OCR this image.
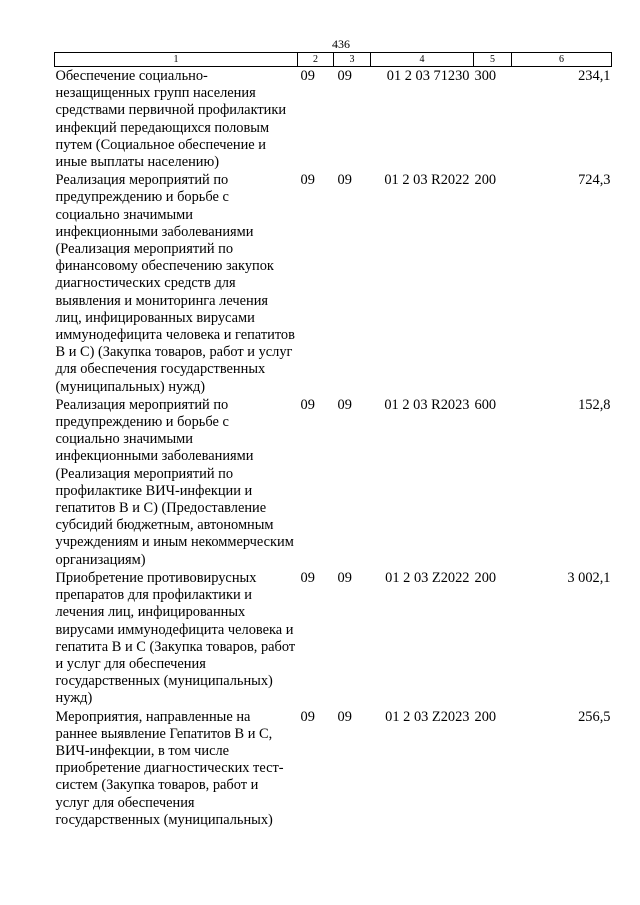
436
1	2	3	4	5	6
Обеспечение социально-незащищенных групп населения средствами первичной профилактики инфекций передающихся половым путем (Социальное обеспечение и иные выплаты населению)	09	09	01 2 03 71230	300	234,1
Реализация мероприятий по предупреждению и борьбе с социально значимыми инфекционными заболеваниями (Реализация мероприятий по финансовому обеспечению закупок диагностических средств для выявления и мониторинга лечения лиц, инфицированных вирусами иммунодефицита человека и гепатитов В и С) (Закупка товаров, работ и услуг для обеспечения государственных (муниципальных) нужд)	09	09	01 2 03 R2022	200	724,3
Реализация мероприятий по предупреждению и борьбе с социально значимыми инфекционными заболеваниями (Реализация мероприятий по профилактике ВИЧ-инфекции и гепатитов В и С) (Предоставление субсидий бюджетным, автономным учреждениям и иным некоммерческим организациям)	09	09	01 2 03 R2023	600	152,8
Приобретение противовирусных препаратов для профилактики и лечения лиц, инфицированных вирусами иммунодефицита человека и гепатита В и С (Закупка товаров, работ и услуг для обеспечения государственных (муниципальных) нужд)	09	09	01 2 03 Z2022	200	3 002,1
Мероприятия, направленные на раннее выявление Гепатитов В и С, ВИЧ-инфекции, в том числе приобретение диагностических тест-систем (Закупка товаров, работ и услуг для обеспечения государственных (муниципальных)	09	09	01 2 03 Z2023	200	256,5
